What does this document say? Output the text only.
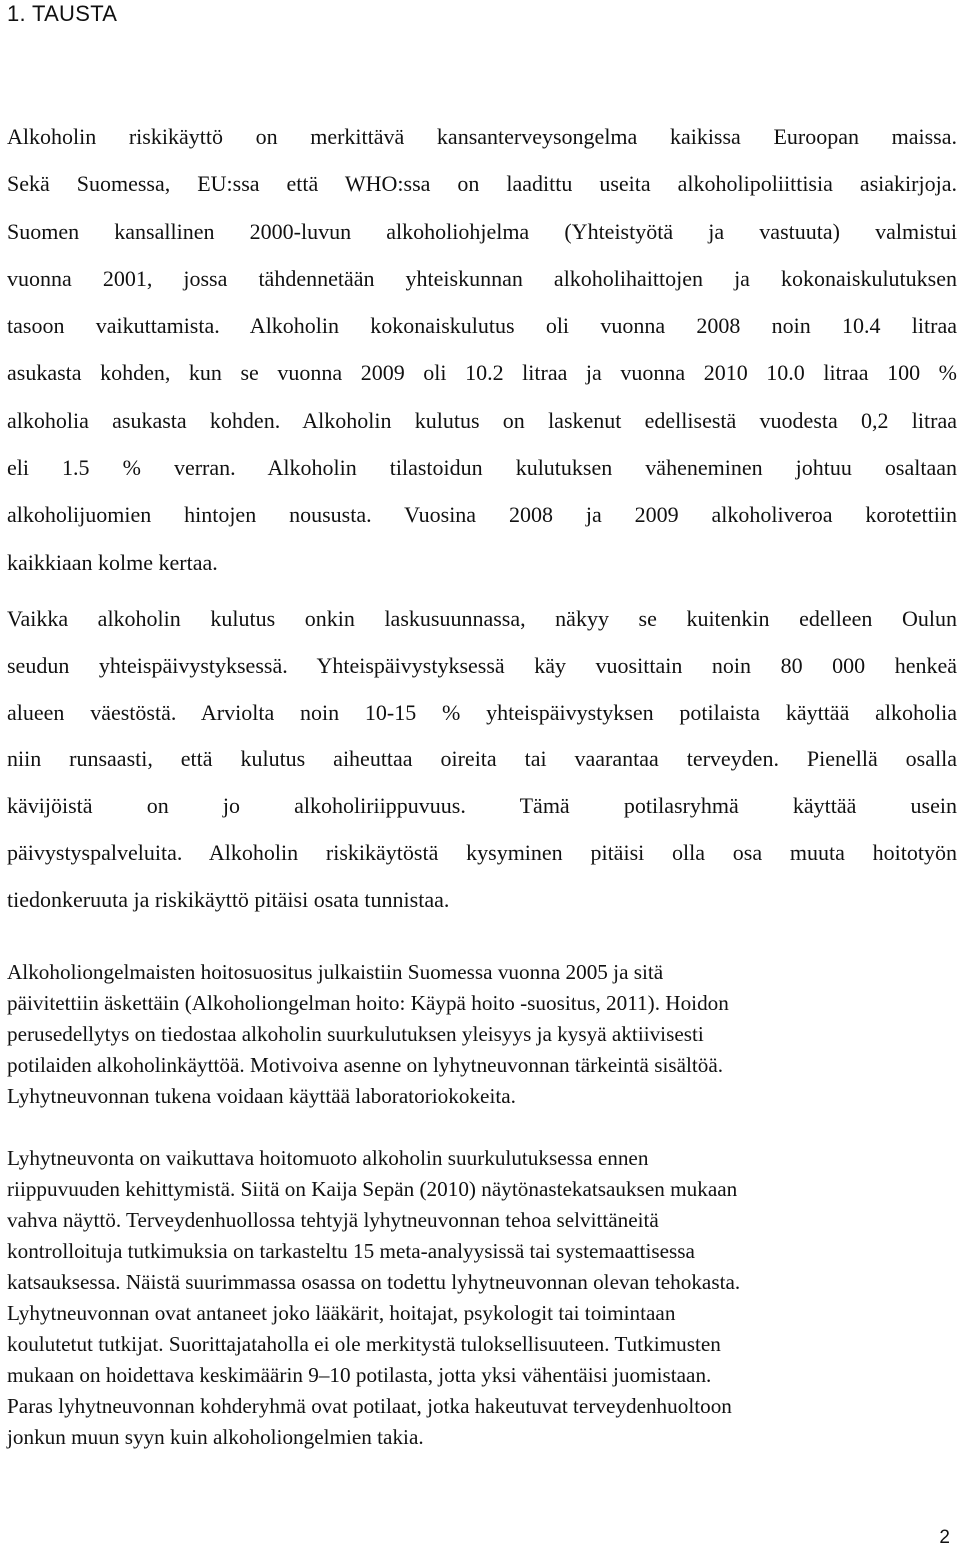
1. TAUSTA
Alkoholin riskikäyttö on merkittävä kansanterveysongelma kaikissa Euroopan maissa.
Sekä Suomessa, EU:ssa että WHO:ssa on laadittu useita alkoholipoliittisia asiakirjoja.
Suomen kansallinen 2000-luvun alkoholiohjelma (Yhteistyötä ja vastuuta) valmistui
vuonna 2001, jossa tähdennetään yhteiskunnan alkoholihaittojen ja kokonaiskulutuksen
tasoon vaikuttamista. Alkoholin kokonaiskulutus oli vuonna 2008 noin 10.4 litraa
asukasta kohden, kun se vuonna 2009 oli 10.2 litraa ja vuonna 2010 10.0 litraa 100 %
alkoholia asukasta kohden. Alkoholin kulutus on laskenut edellisestä vuodesta 0,2 litraa
eli 1.5 % verran. Alkoholin tilastoidun kulutuksen väheneminen johtuu osaltaan
alkoholijuomien hintojen noususta. Vuosina 2008 ja 2009 alkoholiveroa korotettiin
kaikkiaan kolme kertaa.
Vaikka alkoholin kulutus onkin laskusuunnassa, näkyy se kuitenkin edelleen Oulun
seudun yhteispäivystyksessä. Yhteispäivystyksessä käy vuosittain noin 80 000 henkeä
alueen väestöstä. Arviolta noin 10-15 % yhteispäivystyksen potilaista käyttää alkoholia
niin runsaasti, että kulutus aiheuttaa oireita tai vaarantaa terveyden. Pienellä osalla
kävijöistä on jo alkoholiriippuvuus. Tämä potilasryhmä käyttää usein
päivystyspalveluita. Alkoholin riskikäytöstä kysyminen pitäisi olla osa muuta hoitotyön
tiedonkeruuta ja riskikäyttö pitäisi osata tunnistaa.
Alkoholiongelmaisten hoitosuositus julkaistiin Suomessa vuonna 2005 ja sitä
päivitettiin äskettäin (Alkoholiongelman hoito: Käypä hoito -suositus, 2011). Hoidon
perusedellytys on tiedostaa alkoholin suurkulutuksen yleisyys ja kysyä aktiivisesti
potilaiden alkoholinkäyttöä. Motivoiva asenne on lyhytneuvonnan tärkeintä sisältöä.
Lyhytneuvonnan tukena voidaan käyttää laboratoriokokeita.
Lyhytneuvonta on vaikuttava hoitomuoto alkoholin suurkulutuksessa ennen
riippuvuuden kehittymistä. Siitä on Kaija Sepän (2010) näytönastekatsauksen mukaan
vahva näyttö. Terveydenhuollossa tehtyjä lyhytneuvonnan tehoa selvittäneitä
kontrolloituja tutkimuksia on tarkasteltu 15 meta-analyysissä tai systemaattisessa
katsauksessa. Näistä suurimmassa osassa on todettu lyhytneuvonnan olevan tehokasta.
Lyhytneuvonnan ovat antaneet joko lääkärit, hoitajat, psykologit tai toimintaan
koulutetut tutkijat. Suorittajataholla ei ole merkitystä tuloksellisuuteen. Tutkimusten
mukaan on hoidettava keskimäärin 9–10 potilasta, jotta yksi vähentäisi juomistaan.
Paras lyhytneuvonnan kohderyhmä ovat potilaat, jotka hakeutuvat terveydenhuoltoon
jonkun muun syyn kuin alkoholiongelmien takia.
2
